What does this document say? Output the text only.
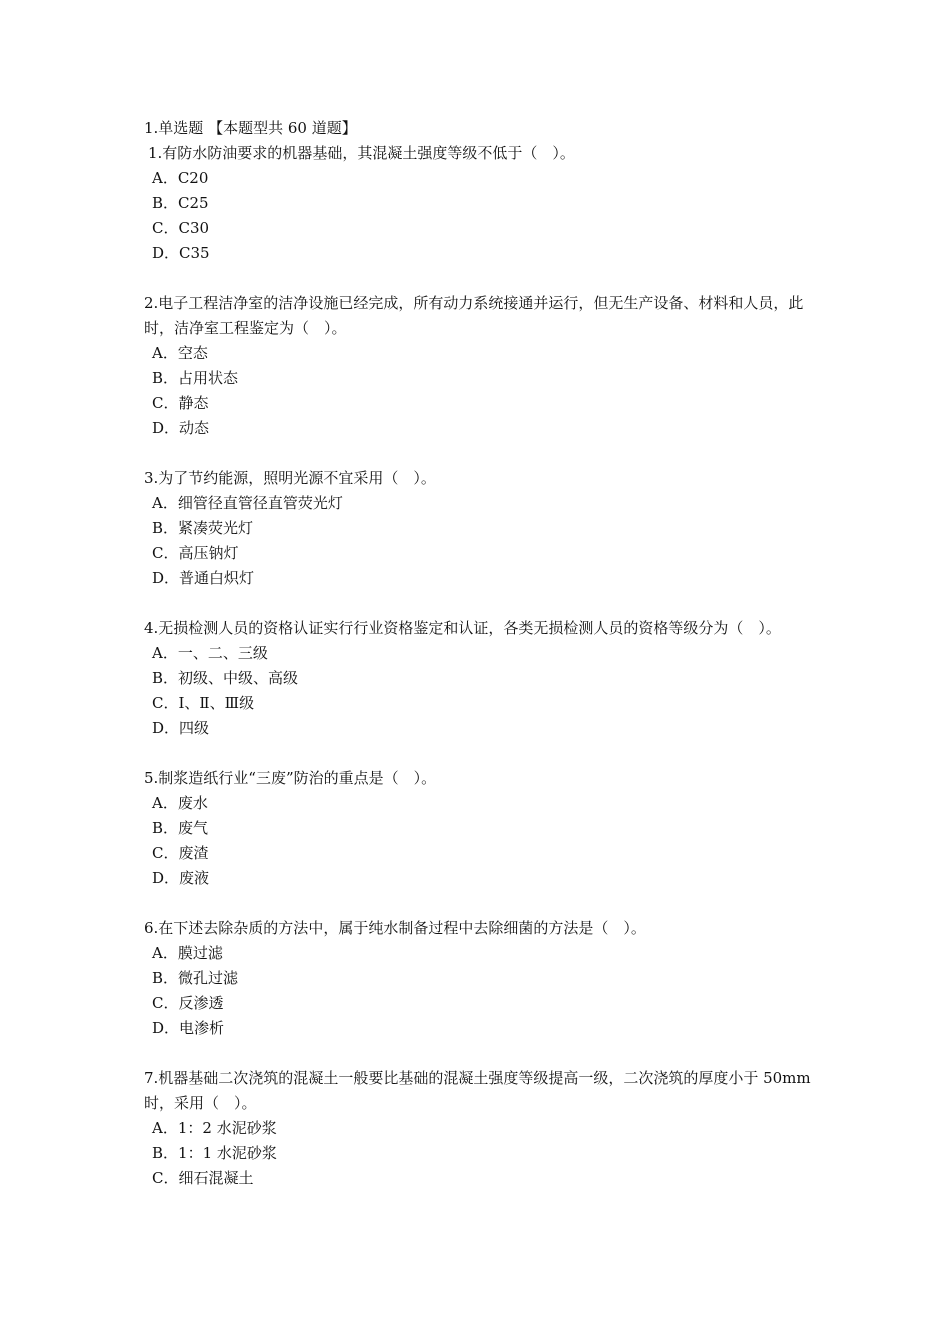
1.单选题 【本题型共 60 道题】

1.有防水防油要求的机器基础，其混凝土强度等级不低于（　）。

A．C20
B．C25
C．C30
D．C35

2.电子工程洁净室的洁净设施已经完成，所有动力系统接通并运行，但无生产设备、材料和人员，此时，洁净室工程鉴定为（　）。

A．空态
B．占用状态
C．静态
D．动态

3.为了节约能源，照明光源不宜采用（　）。

A．细管径直管径直管荧光灯
B．紧凑荧光灯
C．高压钠灯
D．普通白炽灯

4.无损检测人员的资格认证实行行业资格鉴定和认证，各类无损检测人员的资格等级分为（　）。

A．一、二、三级
B．初级、中级、高级
C．Ⅰ、Ⅱ、Ⅲ级
D．四级

5.制浆造纸行业“三废”防治的重点是（　）。

A．废水
B．废气
C．废渣
D．废液

6.在下述去除杂质的方法中，属于纯水制备过程中去除细菌的方法是（　）。

A．膜过滤
B．微孔过滤
C．反渗透
D．电渗析

7.机器基础二次浇筑的混凝土一般要比基础的混凝土强度等级提高一级，二次浇筑的厚度小于 50mm 时，采用（　）。

A．1：2 水泥砂浆
B．1：1 水泥砂浆
C．细石混凝土
